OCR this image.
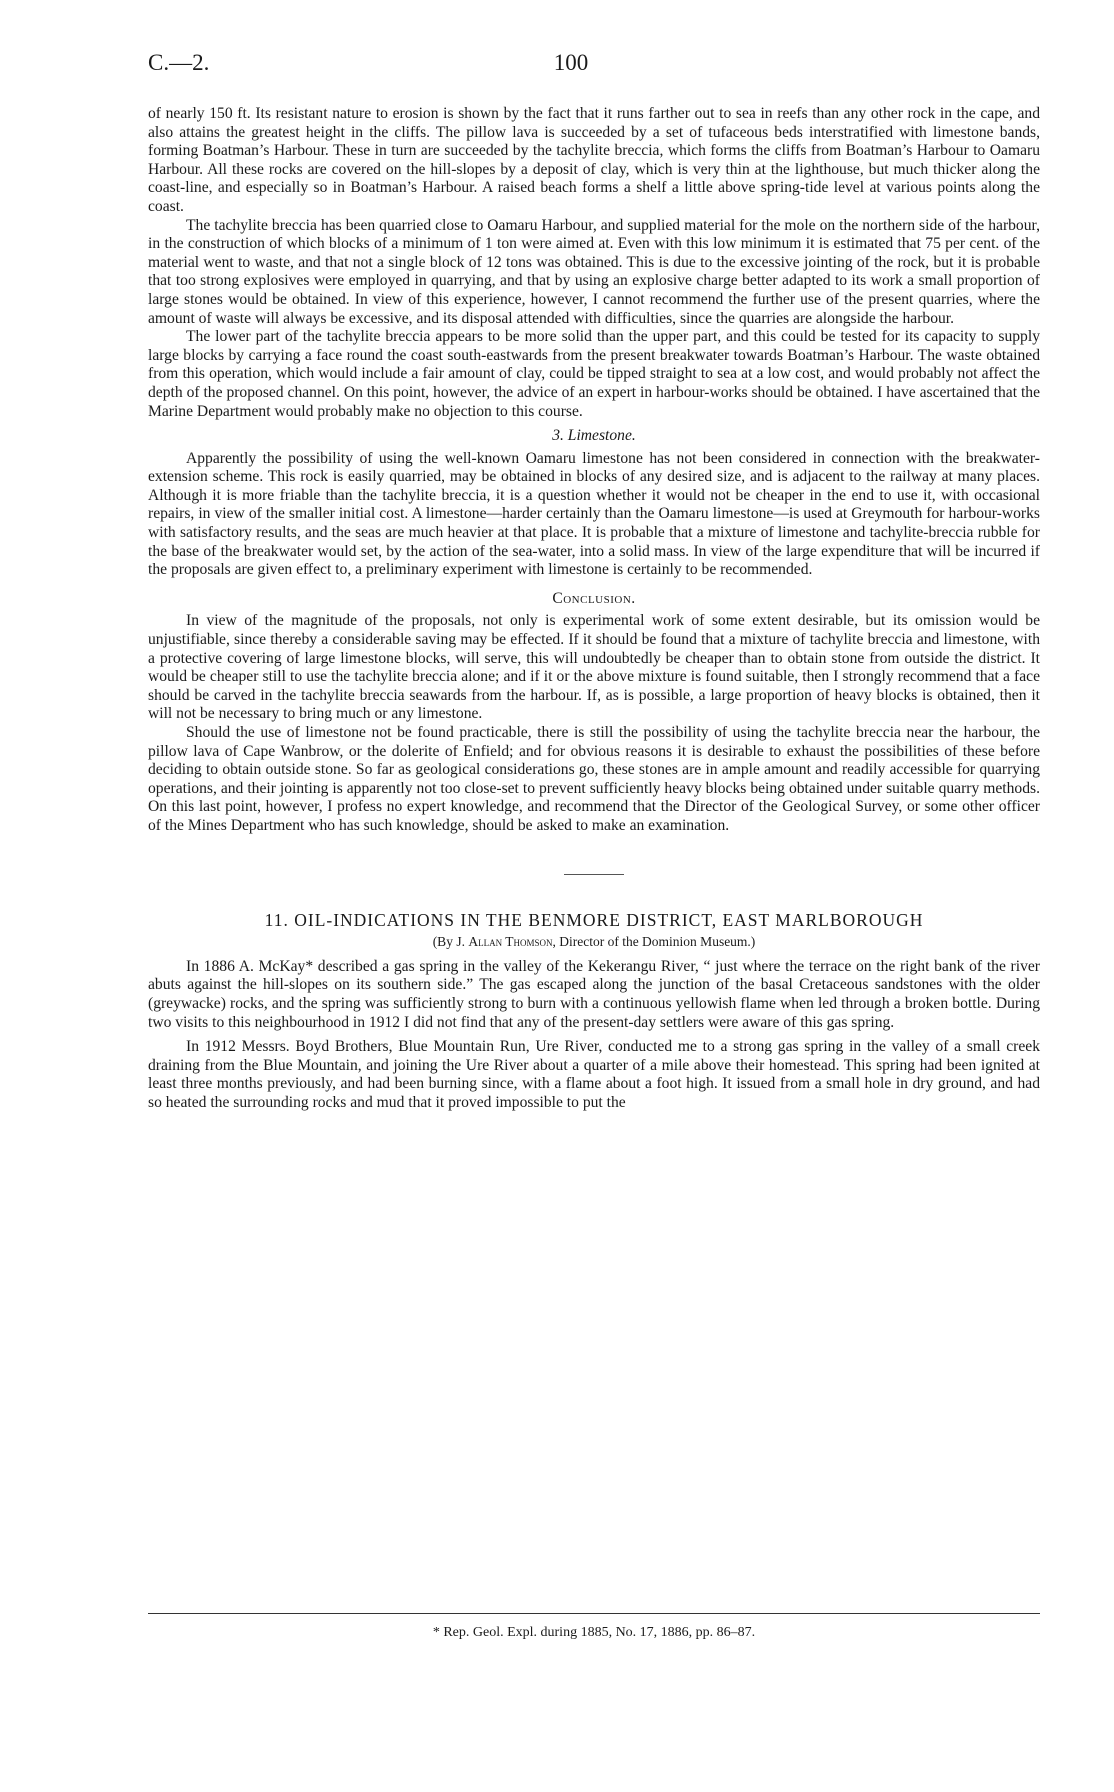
C.—2.	100

of nearly 150 ft. Its resistant nature to erosion is shown by the fact that it runs farther out to sea in reefs than any other rock in the cape, and also attains the greatest height in the cliffs. The pillow lava is succeeded by a set of tufaceous beds interstratified with limestone bands, forming Boatman’s Harbour. These in turn are succeeded by the tachylite breccia, which forms the cliffs from Boatman’s Harbour to Oamaru Harbour. All these rocks are covered on the hill-slopes by a deposit of clay, which is very thin at the lighthouse, but much thicker along the coast-line, and especially so in Boatman’s Harbour. A raised beach forms a shelf a little above spring-tide level at various points along the coast.

The tachylite breccia has been quarried close to Oamaru Harbour, and supplied material for the mole on the northern side of the harbour, in the construction of which blocks of a minimum of 1 ton were aimed at. Even with this low minimum it is estimated that 75 per cent. of the material went to waste, and that not a single block of 12 tons was obtained. This is due to the excessive jointing of the rock, but it is probable that too strong explosives were employed in quarrying, and that by using an explosive charge better adapted to its work a small proportion of large stones would be obtained. In view of this experience, however, I cannot recommend the further use of the present quarries, where the amount of waste will always be excessive, and its disposal attended with difficulties, since the quarries are alongside the harbour.

The lower part of the tachylite breccia appears to be more solid than the upper part, and this could be tested for its capacity to supply large blocks by carrying a face round the coast south-eastwards from the present breakwater towards Boatman’s Harbour. The waste obtained from this operation, which would include a fair amount of clay, could be tipped straight to sea at a low cost, and would probably not affect the depth of the proposed channel. On this point, however, the advice of an expert in harbour-works should be obtained. I have ascertained that the Marine Department would probably make no objection to this course.

3. Limestone.

Apparently the possibility of using the well-known Oamaru limestone has not been considered in connection with the breakwater-extension scheme. This rock is easily quarried, may be obtained in blocks of any desired size, and is adjacent to the railway at many places. Although it is more friable than the tachylite breccia, it is a question whether it would not be cheaper in the end to use it, with occasional repairs, in view of the smaller initial cost. A limestone—harder certainly than the Oamaru limestone—is used at Greymouth for harbour-works with satisfactory results, and the seas are much heavier at that place. It is probable that a mixture of limestone and tachylite-breccia rubble for the base of the breakwater would set, by the action of the sea-water, into a solid mass. In view of the large expenditure that will be incurred if the proposals are given effect to, a preliminary experiment with limestone is certainly to be recommended.

Conclusion.

In view of the magnitude of the proposals, not only is experimental work of some extent desirable, but its omission would be unjustifiable, since thereby a considerable saving may be effected. If it should be found that a mixture of tachylite breccia and limestone, with a protective covering of large limestone blocks, will serve, this will undoubtedly be cheaper than to obtain stone from outside the district. It would be cheaper still to use the tachylite breccia alone; and if it or the above mixture is found suitable, then I strongly recommend that a face should be carved in the tachylite breccia seawards from the harbour. If, as is possible, a large proportion of heavy blocks is obtained, then it will not be necessary to bring much or any limestone.

Should the use of limestone not be found practicable, there is still the possibility of using the tachylite breccia near the harbour, the pillow lava of Cape Wanbrow, or the dolerite of Enfield; and for obvious reasons it is desirable to exhaust the possibilities of these before deciding to obtain outside stone. So far as geological considerations go, these stones are in ample amount and readily accessible for quarrying operations, and their jointing is apparently not too close-set to prevent sufficiently heavy blocks being obtained under suitable quarry methods. On this last point, however, I profess no expert knowledge, and recommend that the Director of the Geological Survey, or some other officer of the Mines Department who has such knowledge, should be asked to make an examination.

11. OIL-INDICATIONS IN THE BENMORE DISTRICT, EAST MARLBOROUGH
(By J. Allan Thomson, Director of the Dominion Museum.)

In 1886 A. McKay* described a gas spring in the valley of the Kekerangu River, “ just where the terrace on the right bank of the river abuts against the hill-slopes on its southern side.” The gas escaped along the junction of the basal Cretaceous sandstones with the older (greywacke) rocks, and the spring was sufficiently strong to burn with a continuous yellowish flame when led through a broken bottle. During two visits to this neighbourhood in 1912 I did not find that any of the present-day settlers were aware of this gas spring.

In 1912 Messrs. Boyd Brothers, Blue Mountain Run, Ure River, conducted me to a strong gas spring in the valley of a small creek draining from the Blue Mountain, and joining the Ure River about a quarter of a mile above their homestead. This spring had been ignited at least three months previously, and had been burning since, with a flame about a foot high. It issued from a small hole in dry ground, and had so heated the surrounding rocks and mud that it proved impossible to put the

* Rep. Geol. Expl. during 1885, No. 17, 1886, pp. 86–87.
